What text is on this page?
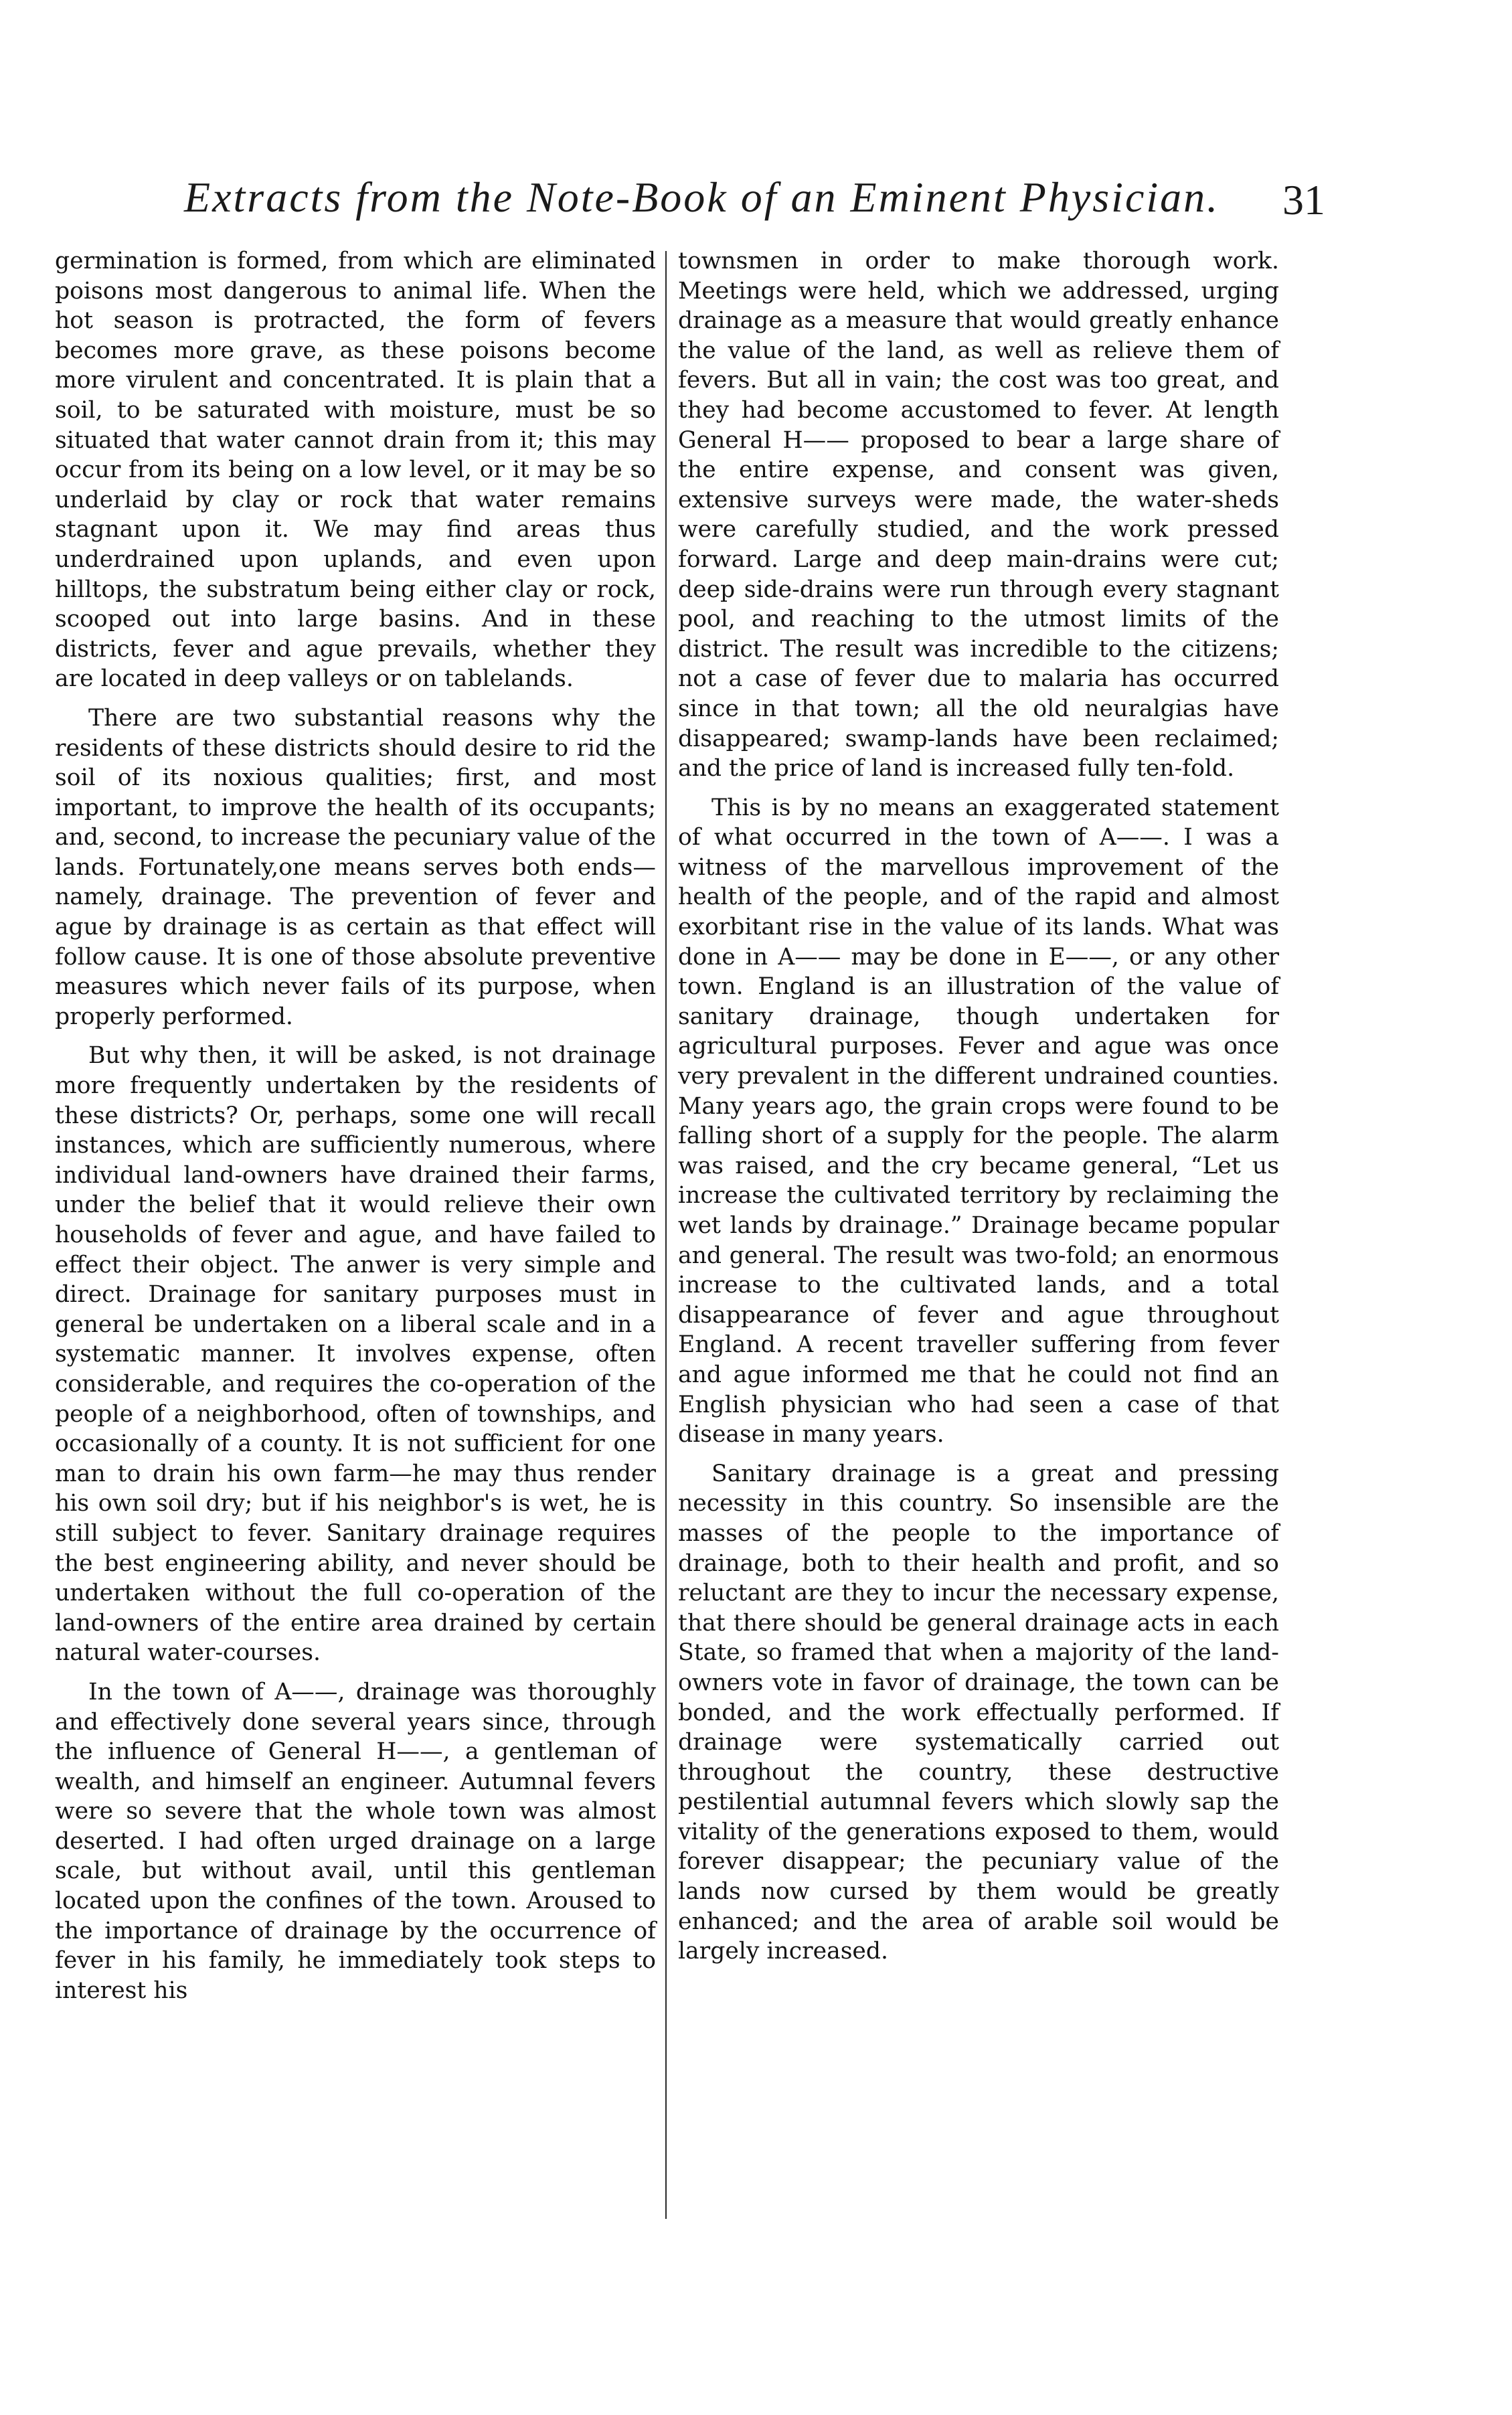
Extracts from the Note-Book of an Eminent Physician. 31

germination is formed, from which are eliminated poisons most dangerous to animal life. When the hot season is protracted, the form of fevers becomes more grave, as these poisons become more virulent and concentrated. It is plain that a soil, to be saturated with moisture, must be so situated that water cannot drain from it; this may occur from its being on a low level, or it may be so underlaid by clay or rock that water remains stagnant upon it. We may find areas thus underdrained upon uplands, and even upon hilltops, the substratum being either clay or rock, scooped out into large basins. And in these districts, fever and ague prevails, whether they are located in deep valleys or on tablelands.

There are two substantial reasons why the residents of these districts should desire to rid the soil of its noxious qualities; first, and most important, to improve the health of its occupants; and, second, to increase the pecuniary value of the lands. Fortunately,one means serves both ends—namely, drainage. The prevention of fever and ague by drainage is as certain as that effect will follow cause. It is one of those absolute preventive measures which never fails of its purpose, when properly performed.

But why then, it will be asked, is not drainage more frequently undertaken by the residents of these districts? Or, perhaps, some one will recall instances, which are sufficiently numerous, where individual land-owners have drained their farms, under the belief that it would relieve their own households of fever and ague, and have failed to effect their object. The anwer is very simple and direct. Drainage for sanitary purposes must in general be undertaken on a liberal scale and in a systematic manner. It involves expense, often considerable, and requires the co-operation of the people of a neighborhood, often of townships, and occasionally of a county. It is not sufficient for one man to drain his own farm—he may thus render his own soil dry; but if his neighbor's is wet, he is still subject to fever. Sanitary drainage requires the best engineering ability, and never should be undertaken without the full co-operation of the land-owners of the entire area drained by certain natural water-courses.

In the town of A——, drainage was thoroughly and effectively done several years since, through the influence of General H——, a gentleman of wealth, and himself an engineer. Autumnal fevers were so severe that the whole town was almost deserted. I had often urged drainage on a large scale, but without avail, until this gentleman located upon the confines of the town. Aroused to the importance of drainage by the occurrence of fever in his family, he immediately took steps to interest his

townsmen in order to make thorough work. Meetings were held, which we addressed, urging drainage as a measure that would greatly enhance the value of the land, as well as relieve them of fevers. But all in vain; the cost was too great, and they had become accustomed to fever. At length General H—— proposed to bear a large share of the entire expense, and consent was given, extensive surveys were made, the water-sheds were carefully studied, and the work pressed forward. Large and deep main-drains were cut; deep side-drains were run through every stagnant pool, and reaching to the utmost limits of the district. The result was incredible to the citizens; not a case of fever due to malaria has occurred since in that town; all the old neuralgias have disappeared; swamp-lands have been reclaimed; and the price of land is increased fully ten-fold.

This is by no means an exaggerated statement of what occurred in the town of A——. I was a witness of the marvellous improvement of the health of the people, and of the rapid and almost exorbitant rise in the value of its lands. What was done in A—— may be done in E——, or any other town. England is an illustration of the value of sanitary drainage, though undertaken for agricultural purposes. Fever and ague was once very prevalent in the different undrained counties. Many years ago, the grain crops were found to be falling short of a supply for the people. The alarm was raised, and the cry became general, “Let us increase the cultivated territory by reclaiming the wet lands by drainage.” Drainage became popular and general. The result was two-fold; an enormous increase to the cultivated lands, and a total disappearance of fever and ague throughout England. A recent traveller suffering from fever and ague informed me that he could not find an English physician who had seen a case of that disease in many years.

Sanitary drainage is a great and pressing necessity in this country. So insensible are the masses of the people to the importance of drainage, both to their health and profit, and so reluctant are they to incur the necessary expense, that there should be general drainage acts in each State, so framed that when a majority of the land-owners vote in favor of drainage, the town can be bonded, and the work effectually performed. If drainage were systematically carried out throughout the country, these destructive pestilential autumnal fevers which slowly sap the vitality of the generations exposed to them, would forever disappear; the pecuniary value of the lands now cursed by them would be greatly enhanced; and the area of arable soil would be largely increased.
